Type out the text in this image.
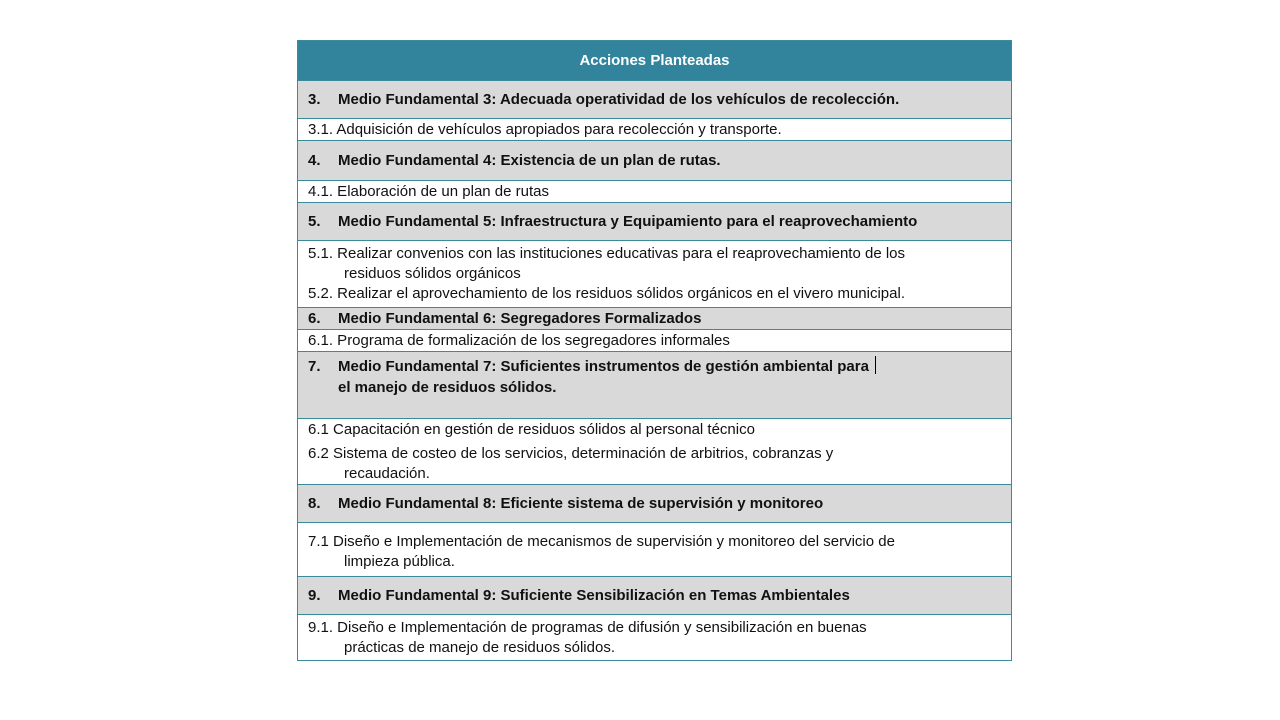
Acciones Planteadas
3.	Medio Fundamental 3: Adecuada operatividad de los vehículos de recolección.
3.1. Adquisición de vehículos apropiados para recolección y transporte.
4.	Medio Fundamental 4: Existencia de un plan de rutas.
4.1. Elaboración de un plan de rutas
5.	Medio Fundamental 5: Infraestructura y Equipamiento para el reaprovechamiento
5.1. Realizar convenios con las instituciones educativas para el reaprovechamiento de los
residuos sólidos orgánicos
5.2. Realizar el aprovechamiento de los residuos sólidos orgánicos en el vivero municipal.
6.	Medio Fundamental 6: Segregadores Formalizados
6.1. Programa de formalización de los segregadores informales
7.	Medio Fundamental 7: Suficientes instrumentos de gestión ambiental para
el manejo de residuos sólidos.
6.1 Capacitación en gestión de residuos sólidos al personal técnico
6.2 Sistema de costeo de los servicios, determinación de arbitrios, cobranzas y
recaudación.
8.	Medio Fundamental 8: Eficiente sistema de supervisión y monitoreo
7.1 Diseño e Implementación de mecanismos de supervisión y monitoreo del servicio de
limpieza pública.
9.	Medio Fundamental 9: Suficiente Sensibilización en Temas Ambientales
9.1. Diseño e Implementación de programas de difusión y sensibilización en buenas
prácticas de manejo de residuos sólidos.
